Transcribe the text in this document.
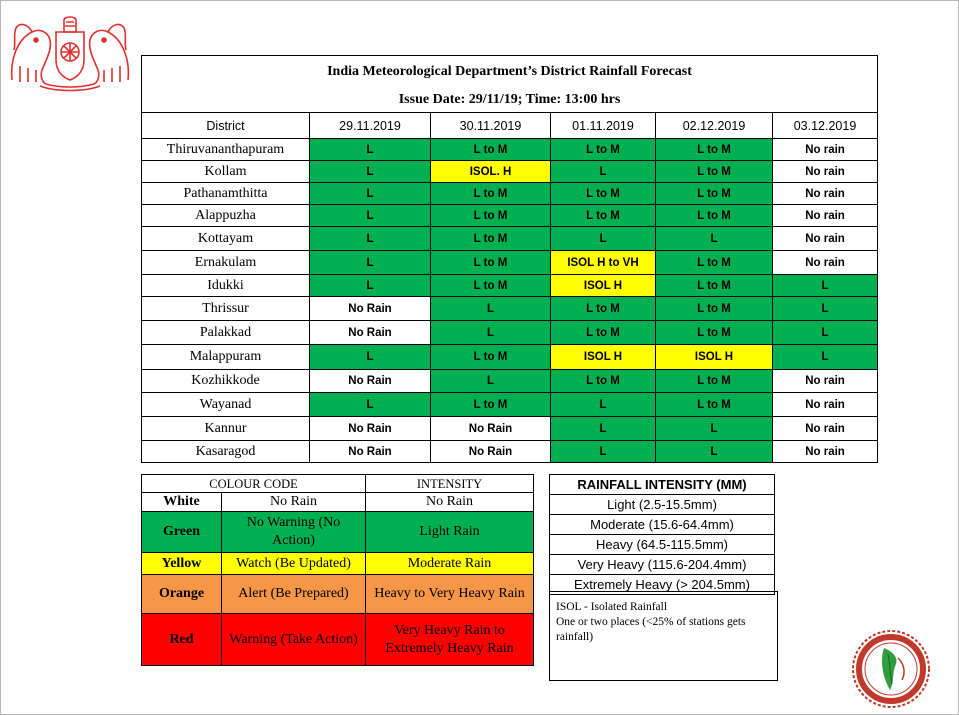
India Meteorological Department’s District Rainfall Forecast					
Issue Date: 29/11/19; Time: 13:00 hrs					
District	29.11.2019	30.11.2019	01.11.2019	02.12.2019	03.12.2019
Thiruvananthapuram	L	L to M	L to M	L to M	No rain
Kollam	L	ISOL. H	L	L to M	No rain
Pathanamthitta	L	L to M	L to M	L to M	No rain
Alappuzha	L	L to M	L to M	L to M	No rain
Kottayam	L	L to M	L	L	No rain
Ernakulam	L	L to M	ISOL H to VH	L to M	No rain
Idukki	L	L to M	ISOL H	L to M	L
Thrissur	No Rain	L	L to M	L to M	L
Palakkad	No Rain	L	L to M	L to M	L
Malappuram	L	L to M	ISOL H	ISOL H	L
Kozhikkode	No Rain	L	L to M	L to M	No rain
Wayanad	L	L to M	L	L to M	No rain
Kannur	No Rain	No Rain	L	L	No rain
Kasaragod	No Rain	No Rain	L	L	No rain
COLOUR CODE		INTENSITY
White	No Rain	No Rain
Green	No Warning (No Action)	Light Rain
Yellow	Watch (Be Updated)	Moderate Rain
Orange	Alert (Be Prepared)	Heavy to Very Heavy Rain
Red	Warning (Take Action)	Very Heavy Rain to Extremely Heavy Rain
RAINFALL INTENSITY (MM)
Light (2.5-15.5mm)
Moderate (15.6-64.4mm)
Heavy (64.5-115.5mm)
Very Heavy (115.6-204.4mm)
Extremely Heavy (> 204.5mm)
ISOL - Isolated Rainfall
One or two places (<25% of stations gets rainfall)
